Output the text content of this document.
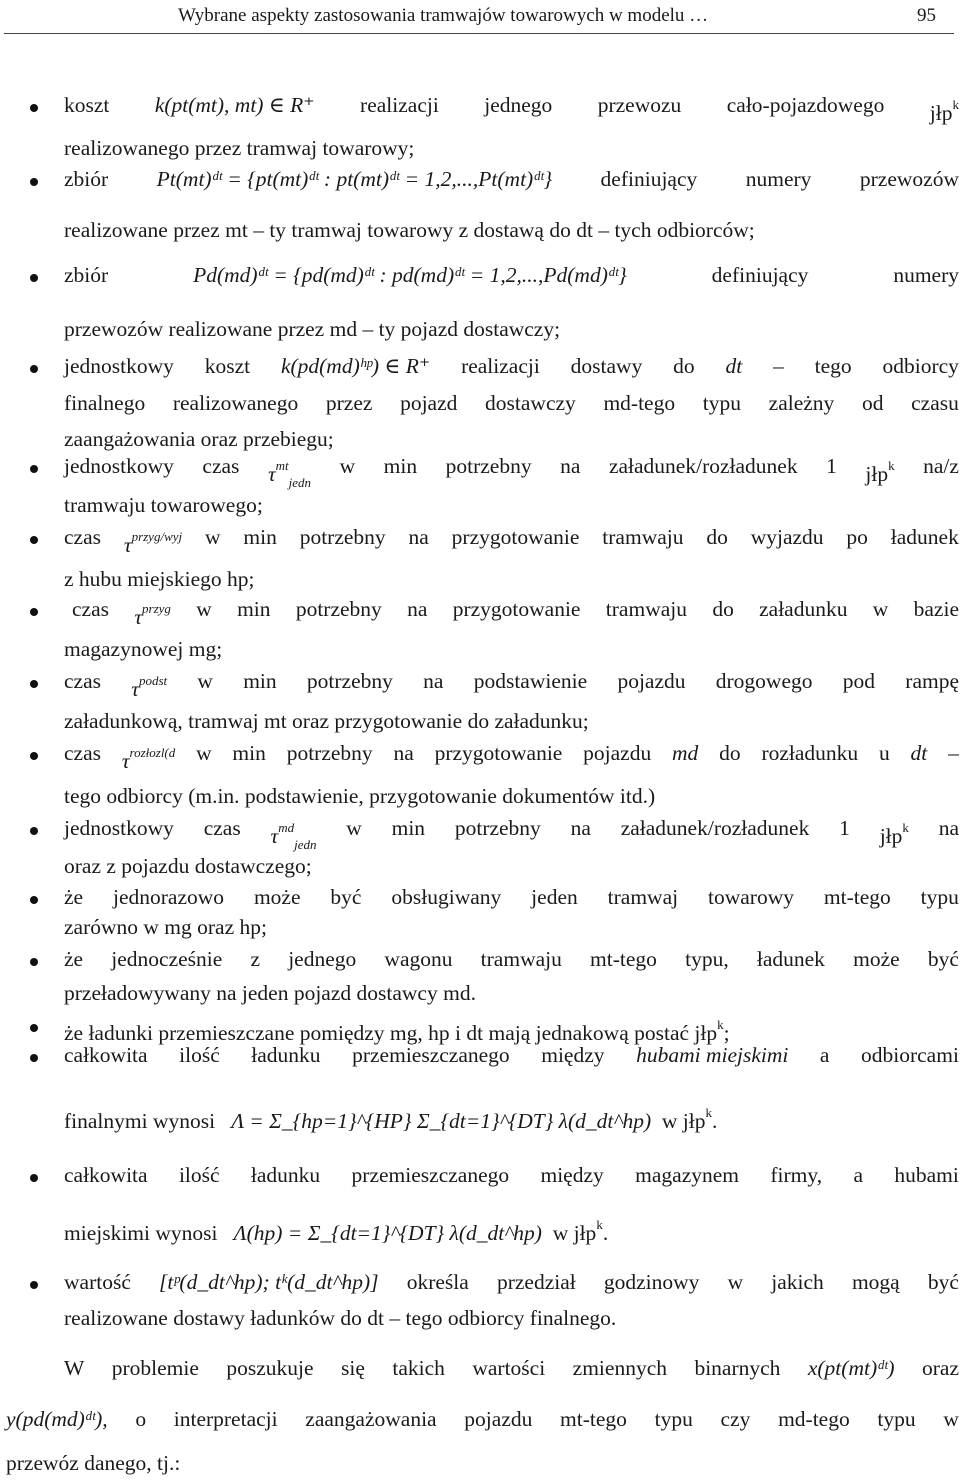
Wybrane aspekty zastosowania tramwajów towarowych w modelu …	95
koszt k(pt(mt), mt) ∈ R⁺ realizacji jednego przewozu cało-pojazdowego jłp$^k$
realizowanego przez tramwaj towarowy;
zbiór Pt(mt)ᵈᵗ = {pt(mt)ᵈᵗ : pt(mt)ᵈᵗ = 1,2,...,Pt(mt)ᵈᵗ} definiujący numery przewozów
realizowane przez mt – ty tramwaj towarowy z dostawą do dt – tych odbiorców;
zbiór	Pd(md)ᵈᵗ = {pd(md)ᵈᵗ : pd(md)ᵈᵗ = 1,2,...,Pd(md)ᵈᵗ}	definiujący	numery
przewozów realizowane przez md – ty pojazd dostawczy;
jednostkowy koszt k(pd(md)ʰᵖ) ∈ R⁺ realizacji dostawy do dt – tego odbiorcy
finalnego realizowanego przez pojazd dostawczy md-tego typu zależny od czasu
zaangażowania oraz przebiegu;
jednostkowy czas $\tau^{mt}_{jedn}$
w min potrzebny na załadunek/rozładunek 1 jłp$^k$ na/z
tramwaju towarowego;
czas $\tau^{przyg/wyj}$ w min potrzebny na przygotowanie tramwaju do wyjazdu po ładunek
z hubu miejskiego hp;
czas $\tau^{przyg}$ w min potrzebny na przygotowanie tramwaju do załadunku w bazie
magazynowej mg;
czas $\tau^{podst}$ w min potrzebny na podstawienie pojazdu drogowego pod rampę
załadunkową, tramwaj mt oraz przygotowanie do załadunku;
czas $\tau^{rozłozl(d}$ w min potrzebny na przygotowanie pojazdu md do rozładunku u dt –
tego odbiorcy (m.in. podstawienie, przygotowanie dokumentów itd.)
jednostkowy czas $\tau^{md}_{jedn}$
w min potrzebny na załadunek/rozładunek 1 jłp$^k$ na
oraz z pojazdu dostawczego;
że jednorazowo może być obsługiwany jeden tramwaj towarowy mt-tego typu
zarówno w mg oraz hp;
że jednocześnie z jednego wagonu tramwaju mt-tego typu, ładunek może być
przeładowywany na jeden pojazd dostawcy md.
że ładunki przemieszczane pomiędzy mg, hp i dt mają jednakową postać jłp$^k$;
całkowita ilość ładunku przemieszczanego między hubami miejskimi a odbiorcami
finalnymi wynosi Λ = Σ_{hp=1}^{HP} Σ_{dt=1}^{DT} λ(d_dt^hp) w jłp$^k$.
całkowita ilość ładunku przemieszczanego między magazynem firmy, a hubami
miejskimi wynosi Λ(hp) = Σ_{dt=1}^{DT} λ(d_dt^hp) w jłp$^k$.
wartość [tᵖ(d_dt^hp); tᵏ(d_dt^hp)] określa przedział godzinowy w jakich mogą być
realizowane dostawy ładunków do dt – tego odbiorcy finalnego.
W problemie poszukuje się takich wartości zmiennych binarnych x(pt(mt)ᵈᵗ) oraz
y(pd(md)ᵈᵗ), o interpretacji zaangażowania pojazdu mt-tego typu czy md-tego typu w
przewóz danego, tj.:
